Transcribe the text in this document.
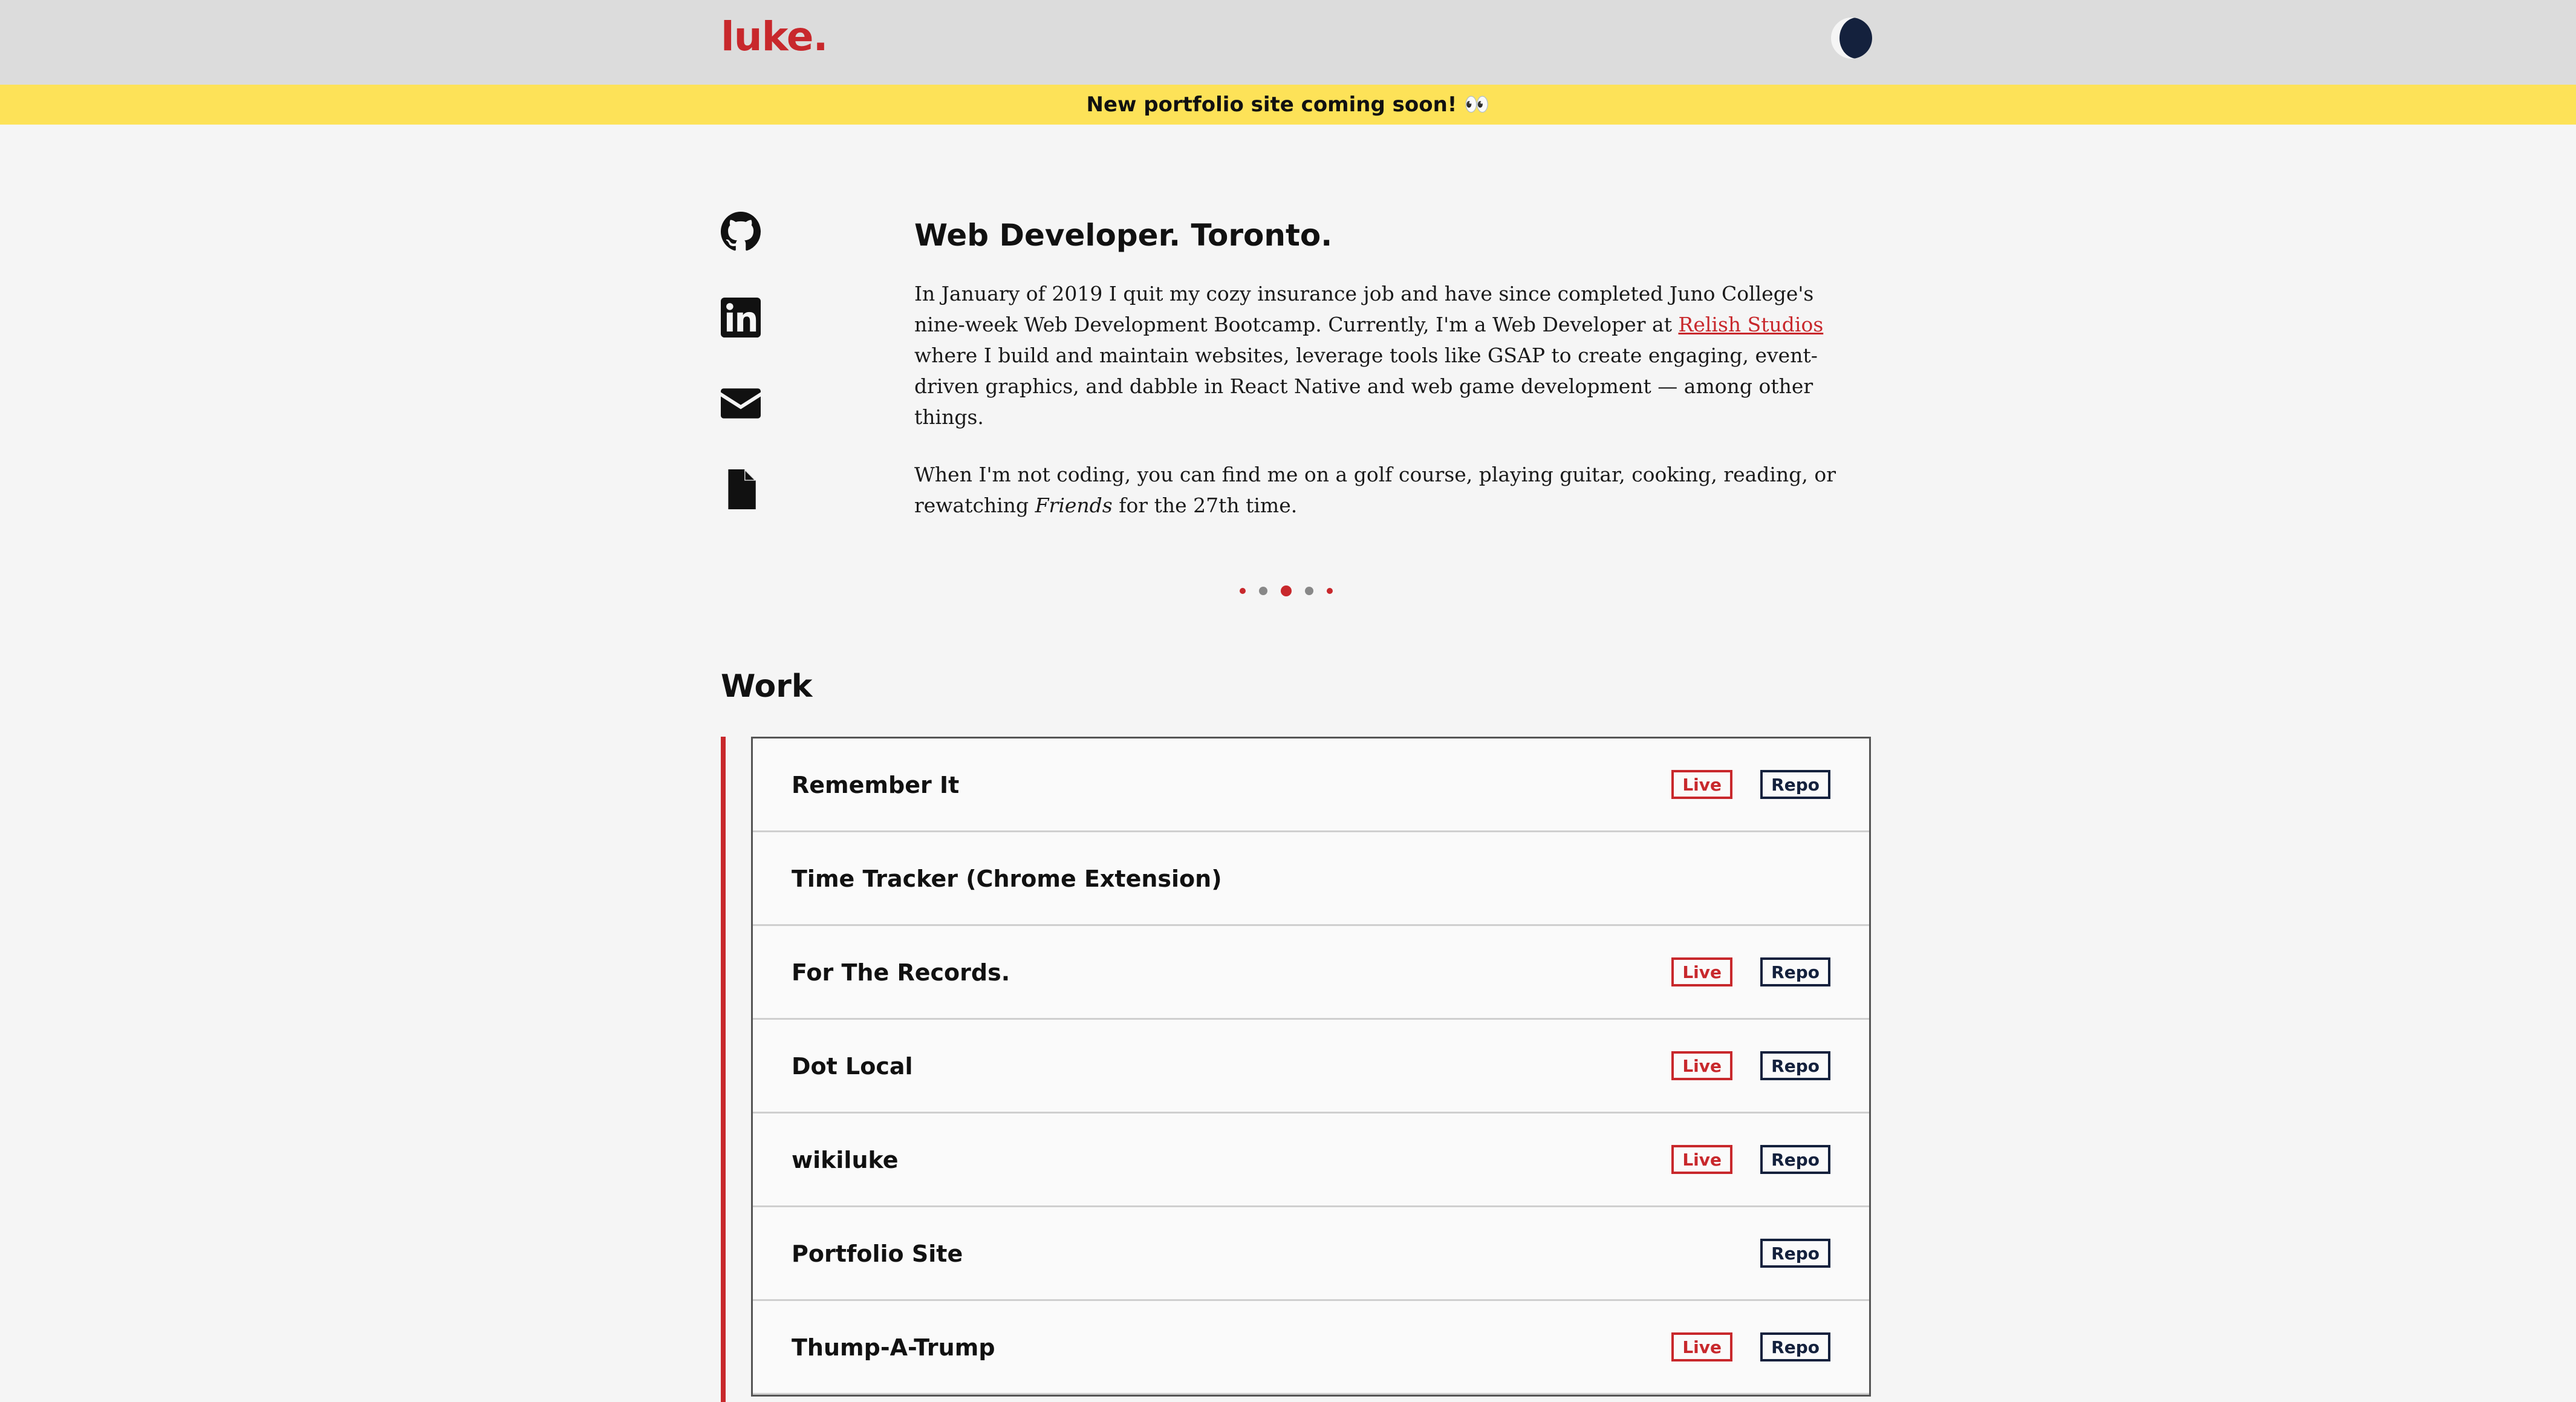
luke.
New portfolio site coming soon! 👀
Web Developer. Toronto.

In January of 2019 I quit my cozy insurance job and have since completed Juno College's nine-week Web Development Bootcamp. Currently, I'm a Web Developer at Relish Studios where I build and maintain websites, leverage tools like GSAP to create engaging, event-driven graphics, and dabble in React Native and web game development — among other things.

When I'm not coding, you can find me on a golf course, playing guitar, cooking, reading, or rewatching Friends for the 27th time.

Work
Remember It	Live	Repo
Time Tracker (Chrome Extension)
For The Records.	Live	Repo
Dot Local	Live	Repo
wikiluke	Live	Repo
Portfolio Site	Repo
Thump-A-Trump	Live	Repo
